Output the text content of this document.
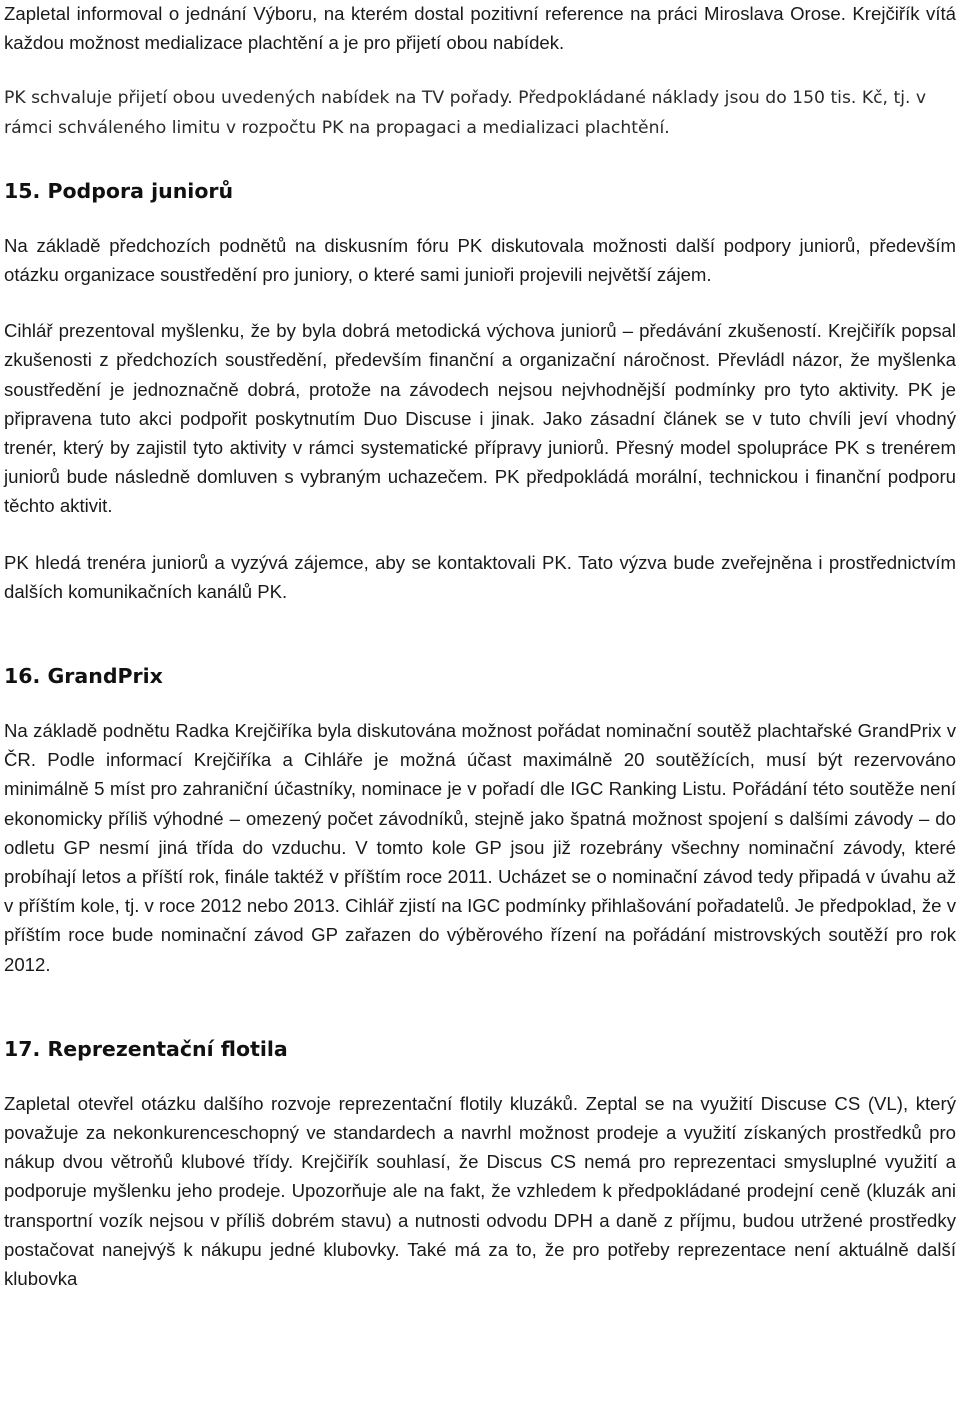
Zapletal informoval o jednání Výboru, na kterém dostal pozitivní reference na práci Miroslava Orose. Krejčiřík vítá každou možnost medializace plachtění a je pro přijetí obou nabídek.

PK schvaluje přijetí obou uvedených nabídek na TV pořady. Předpokládané náklady jsou do 150 tis. Kč, tj. v rámci schváleného limitu v rozpočtu PK na propagaci a medializaci plachtění.

15. Podpora juniorů

Na základě předchozích podnětů na diskusním fóru PK diskutovala možnosti další podpory juniorů, především otázku organizace soustředění pro juniory, o které sami junioři projevili největší zájem.

Cihlář prezentoval myšlenku, že by byla dobrá metodická výchova juniorů – předávání zkušeností. Krejčiřík popsal zkušenosti z předchozích soustředění, především finanční a organizační náročnost. Převládl názor, že myšlenka soustředění je jednoznačně dobrá, protože na závodech nejsou nejvhodnější podmínky pro tyto aktivity. PK je připravena tuto akci podpořit poskytnutím Duo Discuse i jinak. Jako zásadní článek se v tuto chvíli jeví vhodný trenér, který by zajistil tyto aktivity v rámci systematické přípravy juniorů. Přesný model spolupráce PK s trenérem juniorů bude následně domluven s vybraným uchazečem. PK předpokládá morální, technickou i finanční podporu těchto aktivit.

PK hledá trenéra juniorů a vyzývá zájemce, aby se kontaktovali PK. Tato výzva bude zveřejněna i prostřednictvím dalších komunikačních kanálů PK.

16. GrandPrix

Na základě podnětu Radka Krejčiříka byla diskutována možnost pořádat nominační soutěž plachtařské GrandPrix v ČR. Podle informací Krejčiříka a Cihláře je možná účast maximálně 20 soutěžících, musí být rezervováno minimálně 5 míst pro zahraniční účastníky, nominace je v pořadí dle IGC Ranking Listu. Pořádání této soutěže není ekonomicky příliš výhodné – omezený počet závodníků, stejně jako špatná možnost spojení s dalšími závody – do odletu GP nesmí jiná třída do vzduchu. V tomto kole GP jsou již rozebrány všechny nominační závody, které probíhají letos a příští rok, finále taktéž v příštím roce 2011. Ucházet se o nominační závod tedy připadá v úvahu až v příštím kole, tj. v roce 2012 nebo 2013. Cihlář zjistí na IGC podmínky přihlašování pořadatelů. Je předpoklad, že v příštím roce bude nominační závod GP zařazen do výběrového řízení na pořádání mistrovských soutěží pro rok 2012.

17. Reprezentační flotila

Zapletal otevřel otázku dalšího rozvoje reprezentační flotily kluzáků. Zeptal se na využití Discuse CS (VL), který považuje za nekonkurenceschopný ve standardech a navrhl možnost prodeje a využití získaných prostředků pro nákup dvou větroňů klubové třídy. Krejčiřík souhlasí, že Discus CS nemá pro reprezentaci smysluplné využití a podporuje myšlenku jeho prodeje. Upozorňuje ale na fakt, že vzhledem k předpokládané prodejní ceně (kluzák ani transportní vozík nejsou v příliš dobrém stavu) a nutnosti odvodu DPH a daně z příjmu, budou utržené prostředky postačovat nanejvýš k nákupu jedné klubovky. Také má za to, že pro potřeby reprezentace není aktuálně další klubovka
